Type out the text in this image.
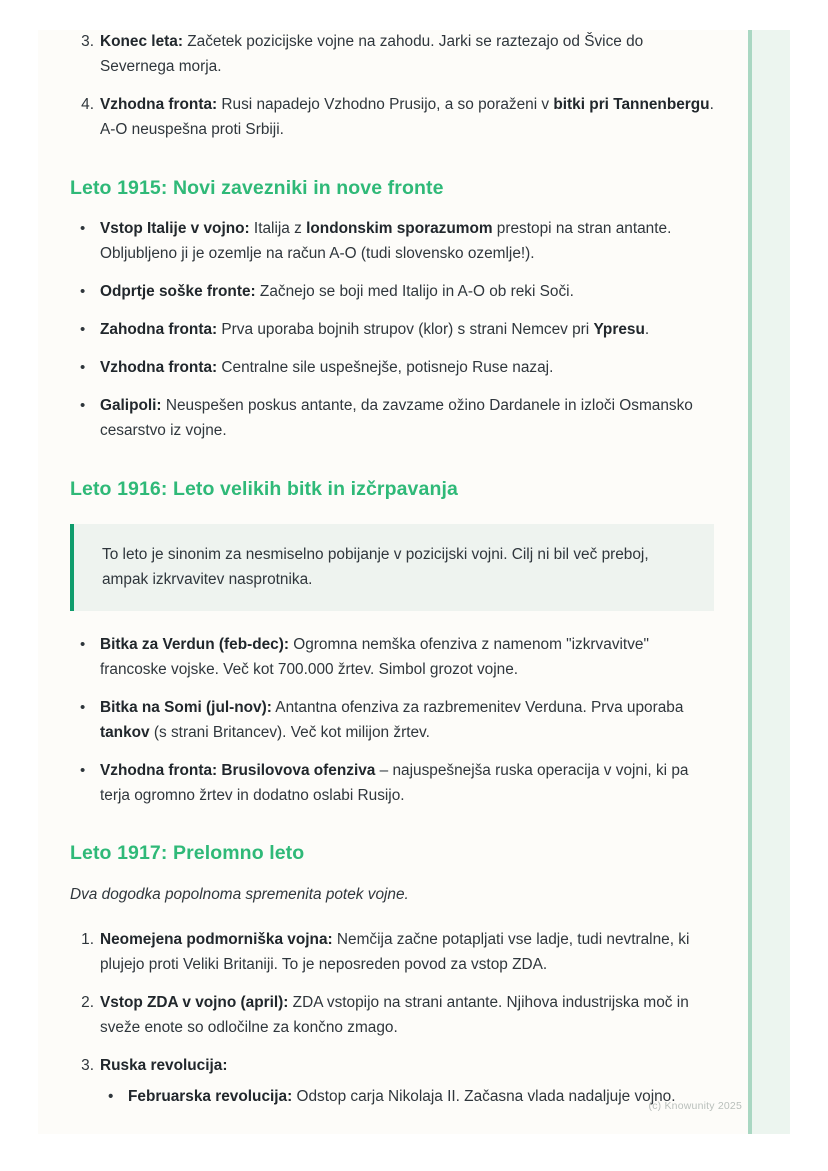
3. Konec leta: Začetek pozicijske vojne na zahodu. Jarki se raztezajo od Švice do Severnega morja.
4. Vzhodna fronta: Rusi napadejo Vzhodno Prusijo, a so poraženi v bitki pri Tannenbergu. A-O neuspešna proti Srbiji.
Leto 1915: Novi zavezniki in nove fronte
• Vstop Italije v vojno: Italija z londonskim sporazumom prestopi na stran antante. Obljubljeno ji je ozemlje na račun A-O (tudi slovensko ozemlje!).
• Odprtje soške fronte: Začnejo se boji med Italijo in A-O ob reki Soči.
• Zahodna fronta: Prva uporaba bojnih strupov (klor) s strani Nemcev pri Ypresu.
• Vzhodna fronta: Centralne sile uspešnejše, potisnejo Ruse nazaj.
• Galipoli: Neuspešen poskus antante, da zavzame ožino Dardanele in izloči Osmansko cesarstvo iz vojne.
Leto 1916: Leto velikih bitk in izčrpavanja
To leto je sinonim za nesmiselno pobijanje v pozicijski vojni. Cilj ni bil več preboj, ampak izkrvavitev nasprotnika.
• Bitka za Verdun (feb-dec): Ogromna nemška ofenziva z namenom "izkrvavitve" francoske vojske. Več kot 700.000 žrtev. Simbol grozot vojne.
• Bitka na Somi (jul-nov): Antantna ofenziva za razbremenitev Verduna. Prva uporaba tankov (s strani Britancev). Več kot milijon žrtev.
• Vzhodna fronta: Brusilovova ofenziva – najuspešnejša ruska operacija v vojni, ki pa terja ogromno žrtev in dodatno oslabi Rusijo.
Leto 1917: Prelomno leto

Dva dogodka popolnoma spremenita potek vojne.

1. Neomejena podmorniška vojna: Nemčija začne potapljati vse ladje, tudi nevtralne, ki plujejo proti Veliki Britaniji. To je neposreden povod za vstop ZDA.
2. Vstop ZDA v vojno (april): ZDA vstopijo na strani antante. Njihova industrijska moč in sveže enote so odločilne za končno zmago.
3. Ruska revolucija:
• Februarska revolucija: Odstop carja Nikolaja II. Začasna vlada nadaljuje vojno.
(c) Knowunity 2025
